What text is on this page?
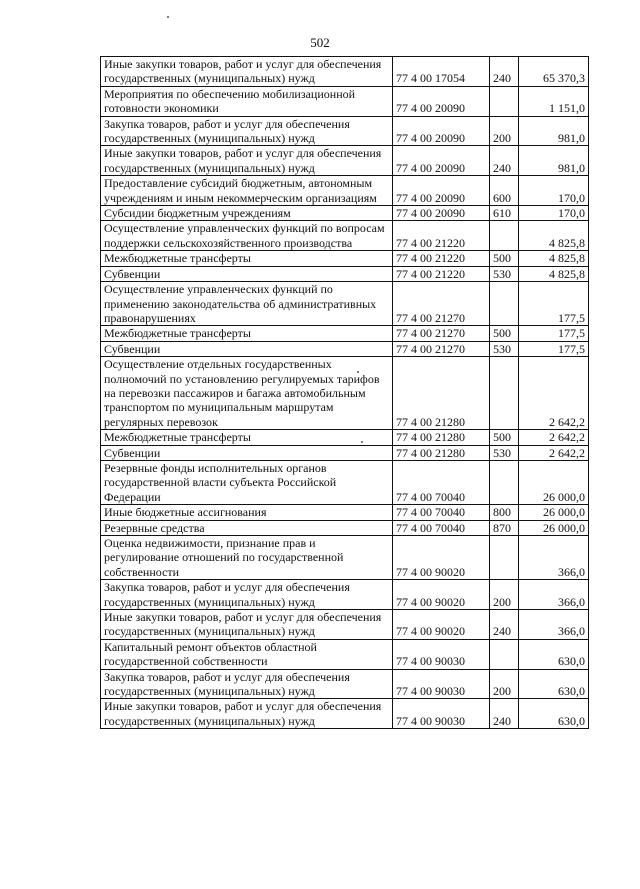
502
Иные закупки товаров, работ и услуг для обеспечения государственных (муниципальных) нужд	77 4 00 17054	240	65 370,3
Мероприятия по обеспечению мобилизационной готовности экономики	77 4 00 20090		1 151,0
Закупка товаров, работ и услуг для обеспечения государственных (муниципальных) нужд	77 4 00 20090	200	981,0
Иные закупки товаров, работ и услуг для обеспечения государственных (муниципальных) нужд	77 4 00 20090	240	981,0
Предоставление субсидий бюджетным, автономным учреждениям и иным некоммерческим организациям	77 4 00 20090	600	170,0
Субсидии бюджетным учреждениям	77 4 00 20090	610	170,0
Осуществление управленческих функций по вопросам поддержки сельскохозяйственного производства	77 4 00 21220		4 825,8
Межбюджетные трансферты	77 4 00 21220	500	4 825,8
Субвенции	77 4 00 21220	530	4 825,8
Осуществление управленческих функций по применению законодательства об административных правонарушениях	77 4 00 21270		177,5
Межбюджетные трансферты	77 4 00 21270	500	177,5
Субвенции	77 4 00 21270	530	177,5
Осуществление отдельных государственных полномочий по установлению регулируемых тарифов на перевозки пассажиров и багажа автомобильным транспортом по муниципальным маршрутам регулярных перевозок	77 4 00 21280		2 642,2
Межбюджетные трансферты	77 4 00 21280	500	2 642,2
Субвенции	77 4 00 21280	530	2 642,2
Резервные фонды исполнительных органов государственной власти субъекта Российской Федерации	77 4 00 70040		26 000,0
Иные бюджетные ассигнования	77 4 00 70040	800	26 000,0
Резервные средства	77 4 00 70040	870	26 000,0
Оценка недвижимости, признание прав и регулирование отношений по государственной собственности	77 4 00 90020		366,0
Закупка товаров, работ и услуг для обеспечения государственных (муниципальных) нужд	77 4 00 90020	200	366,0
Иные закупки товаров, работ и услуг для обеспечения государственных (муниципальных) нужд	77 4 00 90020	240	366,0
Капитальный ремонт объектов областной государственной собственности	77 4 00 90030		630,0
Закупка товаров, работ и услуг для обеспечения государственных (муниципальных) нужд	77 4 00 90030	200	630,0
Иные закупки товаров, работ и услуг для обеспечения государственных (муниципальных) нужд	77 4 00 90030	240	630,0
